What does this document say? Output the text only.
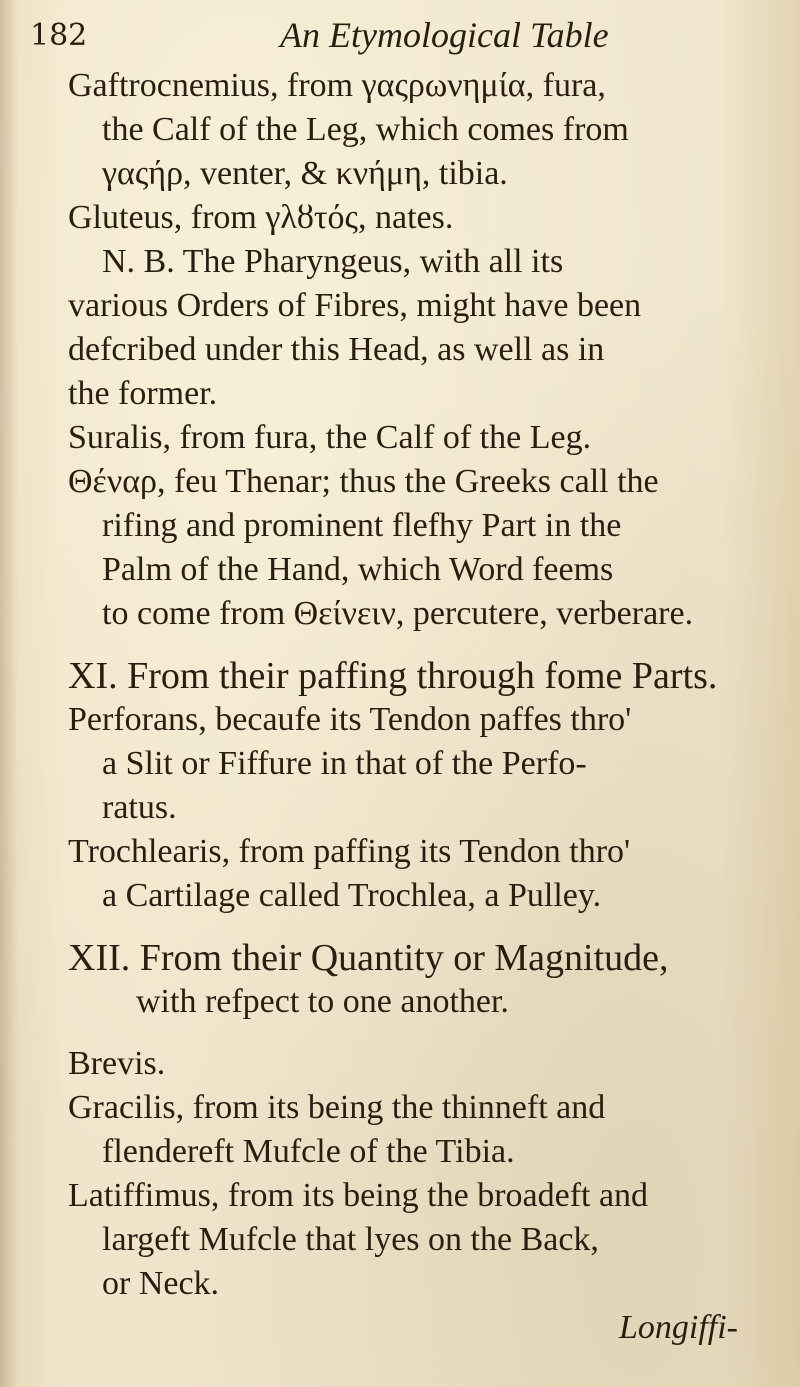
182	An Etymological Table
Gaftrocnemius, from γαςρωνημία, fura,
the Calf of the Leg, which comes from
γαςήρ, venter, & κνήμη, tibia.
Gluteus, from γλȣτός, nates.
N. B. The Pharyngeus, with all its
various Orders of Fibres, might have been
defcribed under this Head, as well as in
the former.
Suralis, from fura, the Calf of the Leg.
Θέναρ, feu Thenar; thus the Greeks call the
rifing and prominent flefhy Part in the
Palm of the Hand, which Word feems
to come from Θείνειν, percutere, verberare.
XI. From their paffing through fome Parts.
Perforans, becaufe its Tendon paffes thro'
a Slit or Fiffure in that of the Perfo-
ratus.
Trochlearis, from paffing its Tendon thro'
a Cartilage called Trochlea, a Pulley.
XII. From their Quantity or Magnitude,
with refpect to one another.
Brevis.
Gracilis, from its being the thinneft and
flendereft Mufcle of the Tibia.
Latiffimus, from its being the broadeft and
largeft Mufcle that lyes on the Back,
or Neck.
Longiffi-
